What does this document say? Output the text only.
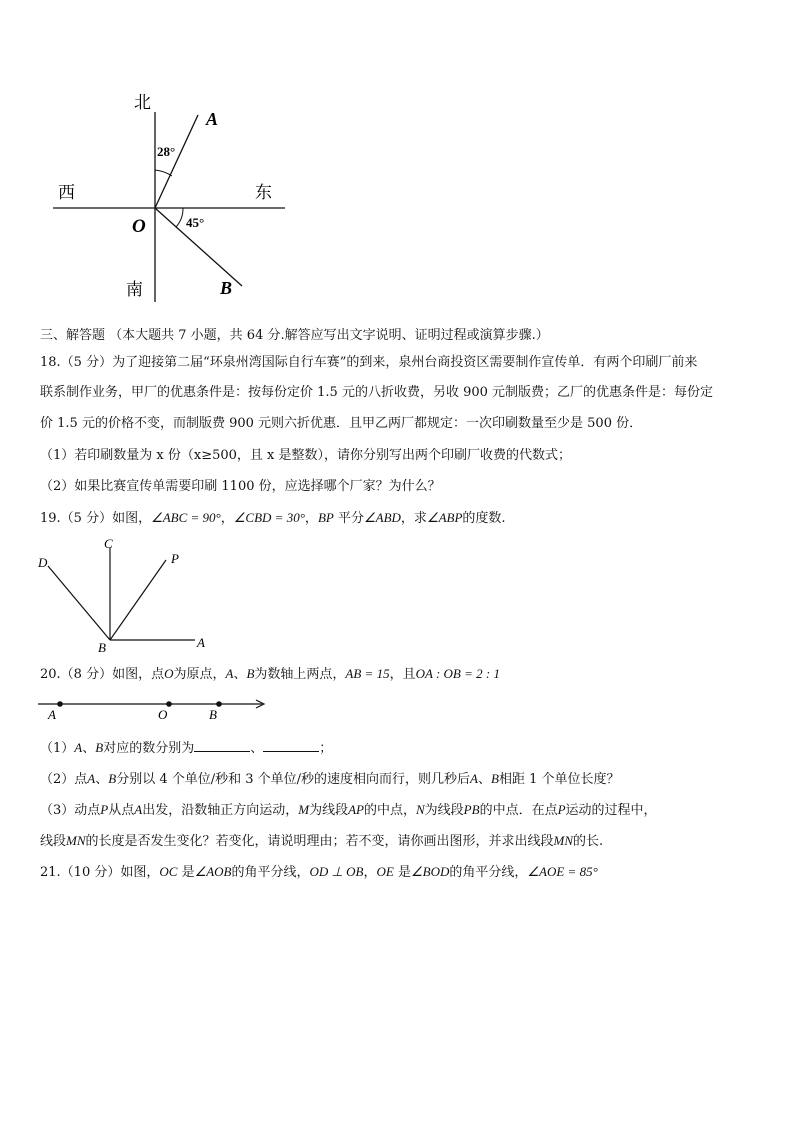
北
西	东
南
O
A
B
28°
45°
三、解答题 （本大题共 7 小题，共 64 分.解答应写出文字说明、证明过程或演算步骤.）
18.（5 分）为了迎接第二届“环泉州湾国际自行车赛”的到来，泉州台商投资区需要制作宣传单．有两个印刷厂前来
联系制作业务，甲厂的优惠条件是：按每份定价 1.5 元的八折收费，另收 900 元制版费；乙厂的优惠条件是：每份定
价 1.5 元的价格不变，而制版费 900 元则六折优惠．且甲乙两厂都规定：一次印刷数量至少是 500 份．
（1）若印刷数量为 x 份（x≥500，且 x 是整数），请你分别写出两个印刷厂收费的代数式；
（2）如果比赛宣传单需要印刷 1100 份，应选择哪个厂家？为什么？
19.（5 分）如图，∠ABC = 90°，∠CBD = 30°，BP 平分∠ABD，求∠ABP的度数.
D
C
P
B	A
20.（8 分）如图，点O为原点，A、B为数轴上两点，AB = 15，且OA : OB = 2 : 1
A	O	B
（1）A、B对应的数分别为	、	；
（2）点A、B分别以 4 个单位/秒和 3 个单位/秒的速度相向而行，则几秒后A、B相距 1 个单位长度？
（3）动点P从点A出发，沿数轴正方向运动，M为线段AP的中点，N为线段PB的中点．在点P运动的过程中，
线段MN的长度是否发生变化？若变化，请说明理由；若不变，请你画出图形，并求出线段MN的长.
21.（10 分）如图，OC 是∠AOB的角平分线，OD ⊥ OB，OE 是∠BOD的角平分线，∠AOE = 85°
